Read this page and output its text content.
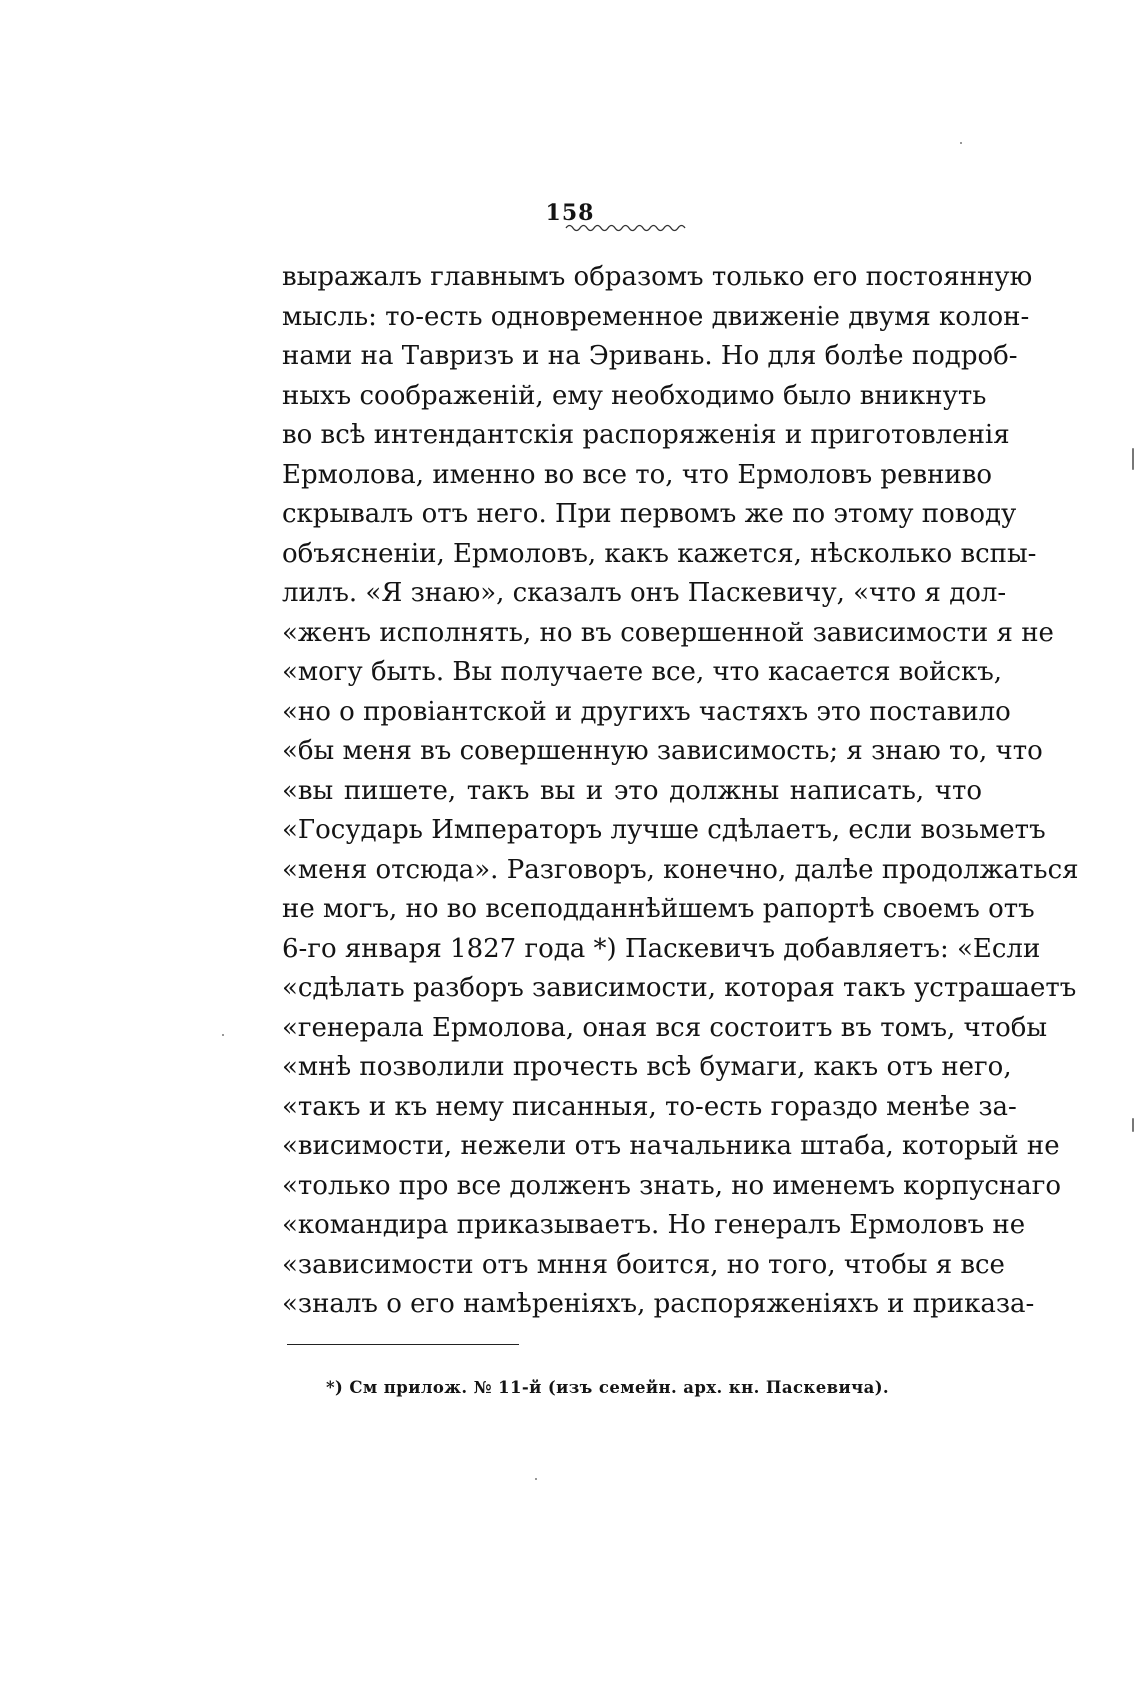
158
выражалъ главнымъ образомъ только его постоянную
мысль: то-есть одновременное движеніе двумя колон-
нами на Тавризъ и на Эривань. Но для болѣе подроб-
ныхъ соображеній, ему необходимо было вникнуть
во всѣ интендантскія распоряженія и приготовленія
Ермолова, именно во все то, что Ермоловъ ревниво
скрывалъ отъ него. При первомъ же по этому поводу
объясненіи, Ермоловъ, какъ кажется, нѣсколько вспы-
лилъ. «Я знаю», сказалъ онъ Паскевичу, «что я дол-
«женъ исполнять, но въ совершенной зависимости я не
«могу быть. Вы получаете все, что касается войскъ,
«но о провіантской и другихъ частяхъ это поставило
«бы меня въ совершенную зависимость; я знаю то, что
«вы пишете, такъ вы и это должны написать, что
«Государь Императоръ лучше сдѣлаетъ, если возьметъ
«меня отсюда». Разговоръ, конечно, далѣе продолжаться
не могъ, но во всеподданнѣйшемъ рапортѣ своемъ отъ
6-го января 1827 года *) Паскевичъ добавляетъ: «Если
«сдѣлать разборъ зависимости, которая такъ устрашаетъ
«генерала Ермолова, оная вся состоитъ въ томъ, чтобы
«мнѣ позволили прочесть всѣ бумаги, какъ отъ него,
«такъ и къ нему писанныя, то-есть гораздо менѣе за-
«висимости, нежели отъ начальника штаба, который не
«только про все долженъ знать, но именемъ корпуснаго
«командира приказываетъ. Но генералъ Ермоловъ не
«зависимости отъ мння боится, но того, чтобы я все
«зналъ о его намѣреніяхъ, распоряженіяхъ и приказа-
*) См прилож. № 11-й (изъ семейн. арх. кн. Паскевича).
